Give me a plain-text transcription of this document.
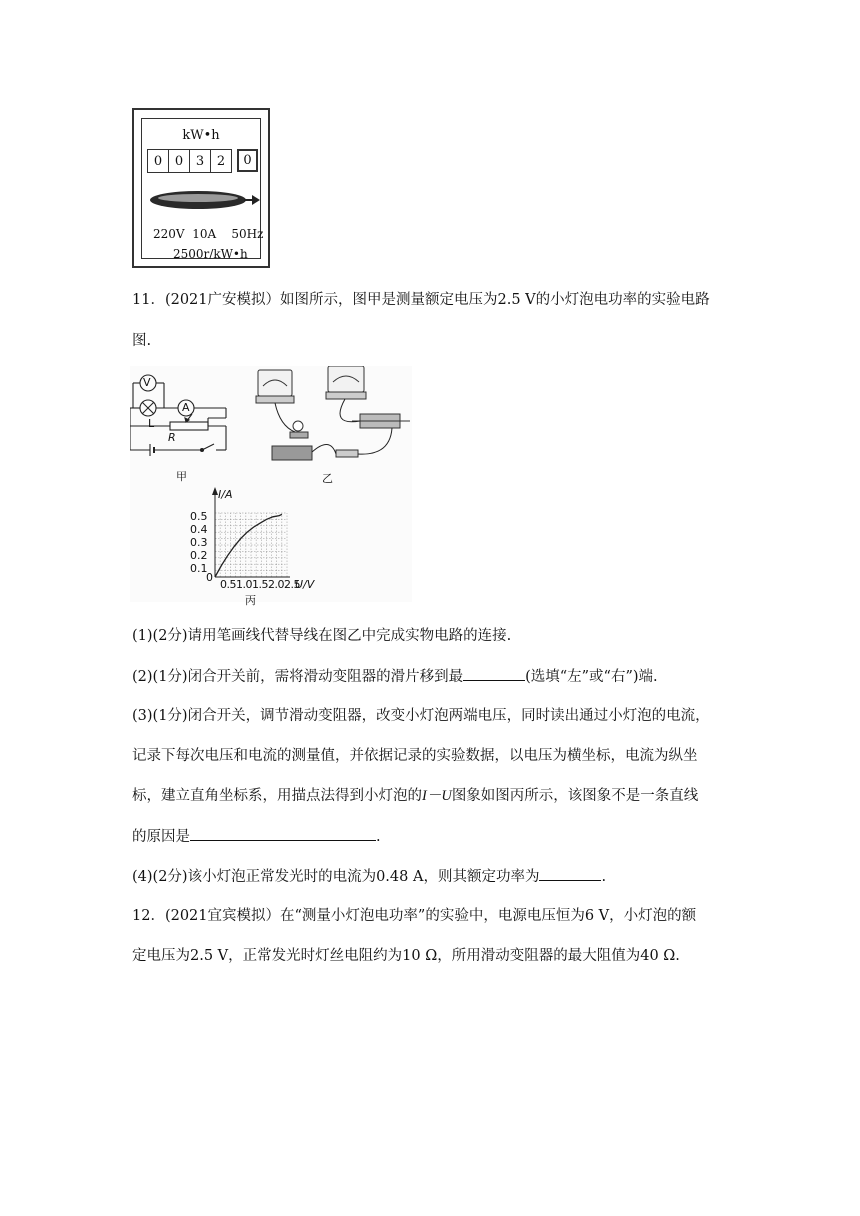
kW•h
0 0 3 2	0
220V  10A    50Hz
2500r/kW•h
11．(2021广安模拟）如图所示，图甲是测量额定电压为2.5 V的小灯泡电功率的实验电路
图.
V
A
L
R
甲	乙
I/A
0.5
0.4
0.3
0.2
0.1
0
0.51.01.52.02.5
U/V
丙
(1)(2分)请用笔画线代替导线在图乙中完成实物电路的连接.
(2)(1分)闭合开关前，需将滑动变阻器的滑片移到最	(选填“左”或“右”)端.
(3)(1分)闭合开关，调节滑动变阻器，改变小灯泡两端电压，同时读出通过小灯泡的电流，
记录下每次电压和电流的测量值，并依据记录的实验数据，以电压为横坐标，电流为纵坐
标，建立直角坐标系，用描点法得到小灯泡的I－U图象如图丙所示，该图象不是一条直线
的原因是	.
(4)(2分)该小灯泡正常发光时的电流为0.48 A，则其额定功率为	.
12．(2021宜宾模拟）在“测量小灯泡电功率”的实验中，电源电压恒为6 V，小灯泡的额
定电压为2.5 V，正常发光时灯丝电阻约为10 Ω，所用滑动变阻器的最大阻值为40 Ω.
